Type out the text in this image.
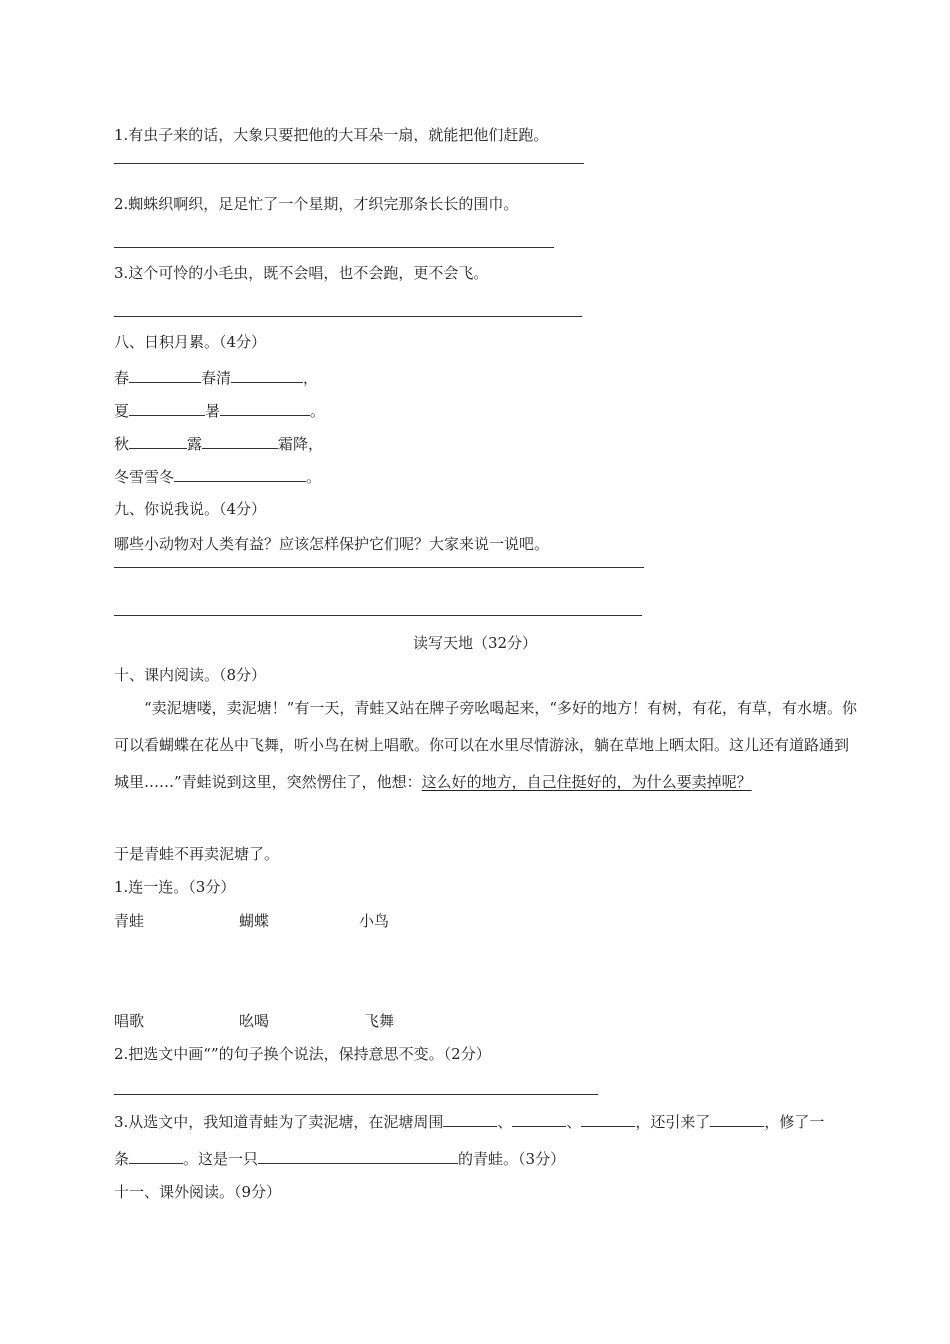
1.有虫子来的话，大象只要把他的大耳朵一扇，就能把他们赶跑。
2.蜘蛛织啊织，足足忙了一个星期，才织完那条长长的围巾。
3.这个可怜的小毛虫，既不会唱，也不会跑，更不会飞。
八、日积月累。（4分）
春	春清	，
夏	暑	。
秋	露	霜降，
冬雪雪冬	。
九、你说我说。（4分）
哪些小动物对人类有益？应该怎样保护它们呢？大家来说一说吧。
读写天地（32分）
十、课内阅读。（8分）
“卖泥塘喽，卖泥塘！”有一天，青蛙又站在牌子旁吆喝起来，“多好的地方！有树，有花，有草，有水塘。你可以看蝴蝶在花丛中飞舞，听小鸟在树上唱歌。你可以在水里尽情游泳，躺在草地上晒太阳。这儿还有道路通到城里……”青蛙说到这里，突然愣住了，他想：这么好的地方，自己住挺好的，为什么要卖掉呢？
于是青蛙不再卖泥塘了。
1.连一连。（3分）
青蛙	蝴蝶	小鸟
唱歌	吆喝	飞舞
2.把选文中画“”的句子换个说法，保持意思不变。（2分）
3.从选文中，我知道青蛙为了卖泥塘，在泥塘周围	、	、	，还引来了	，修了一
条	。这是一只	的青蛙。（3分）
十一、课外阅读。（9分）
